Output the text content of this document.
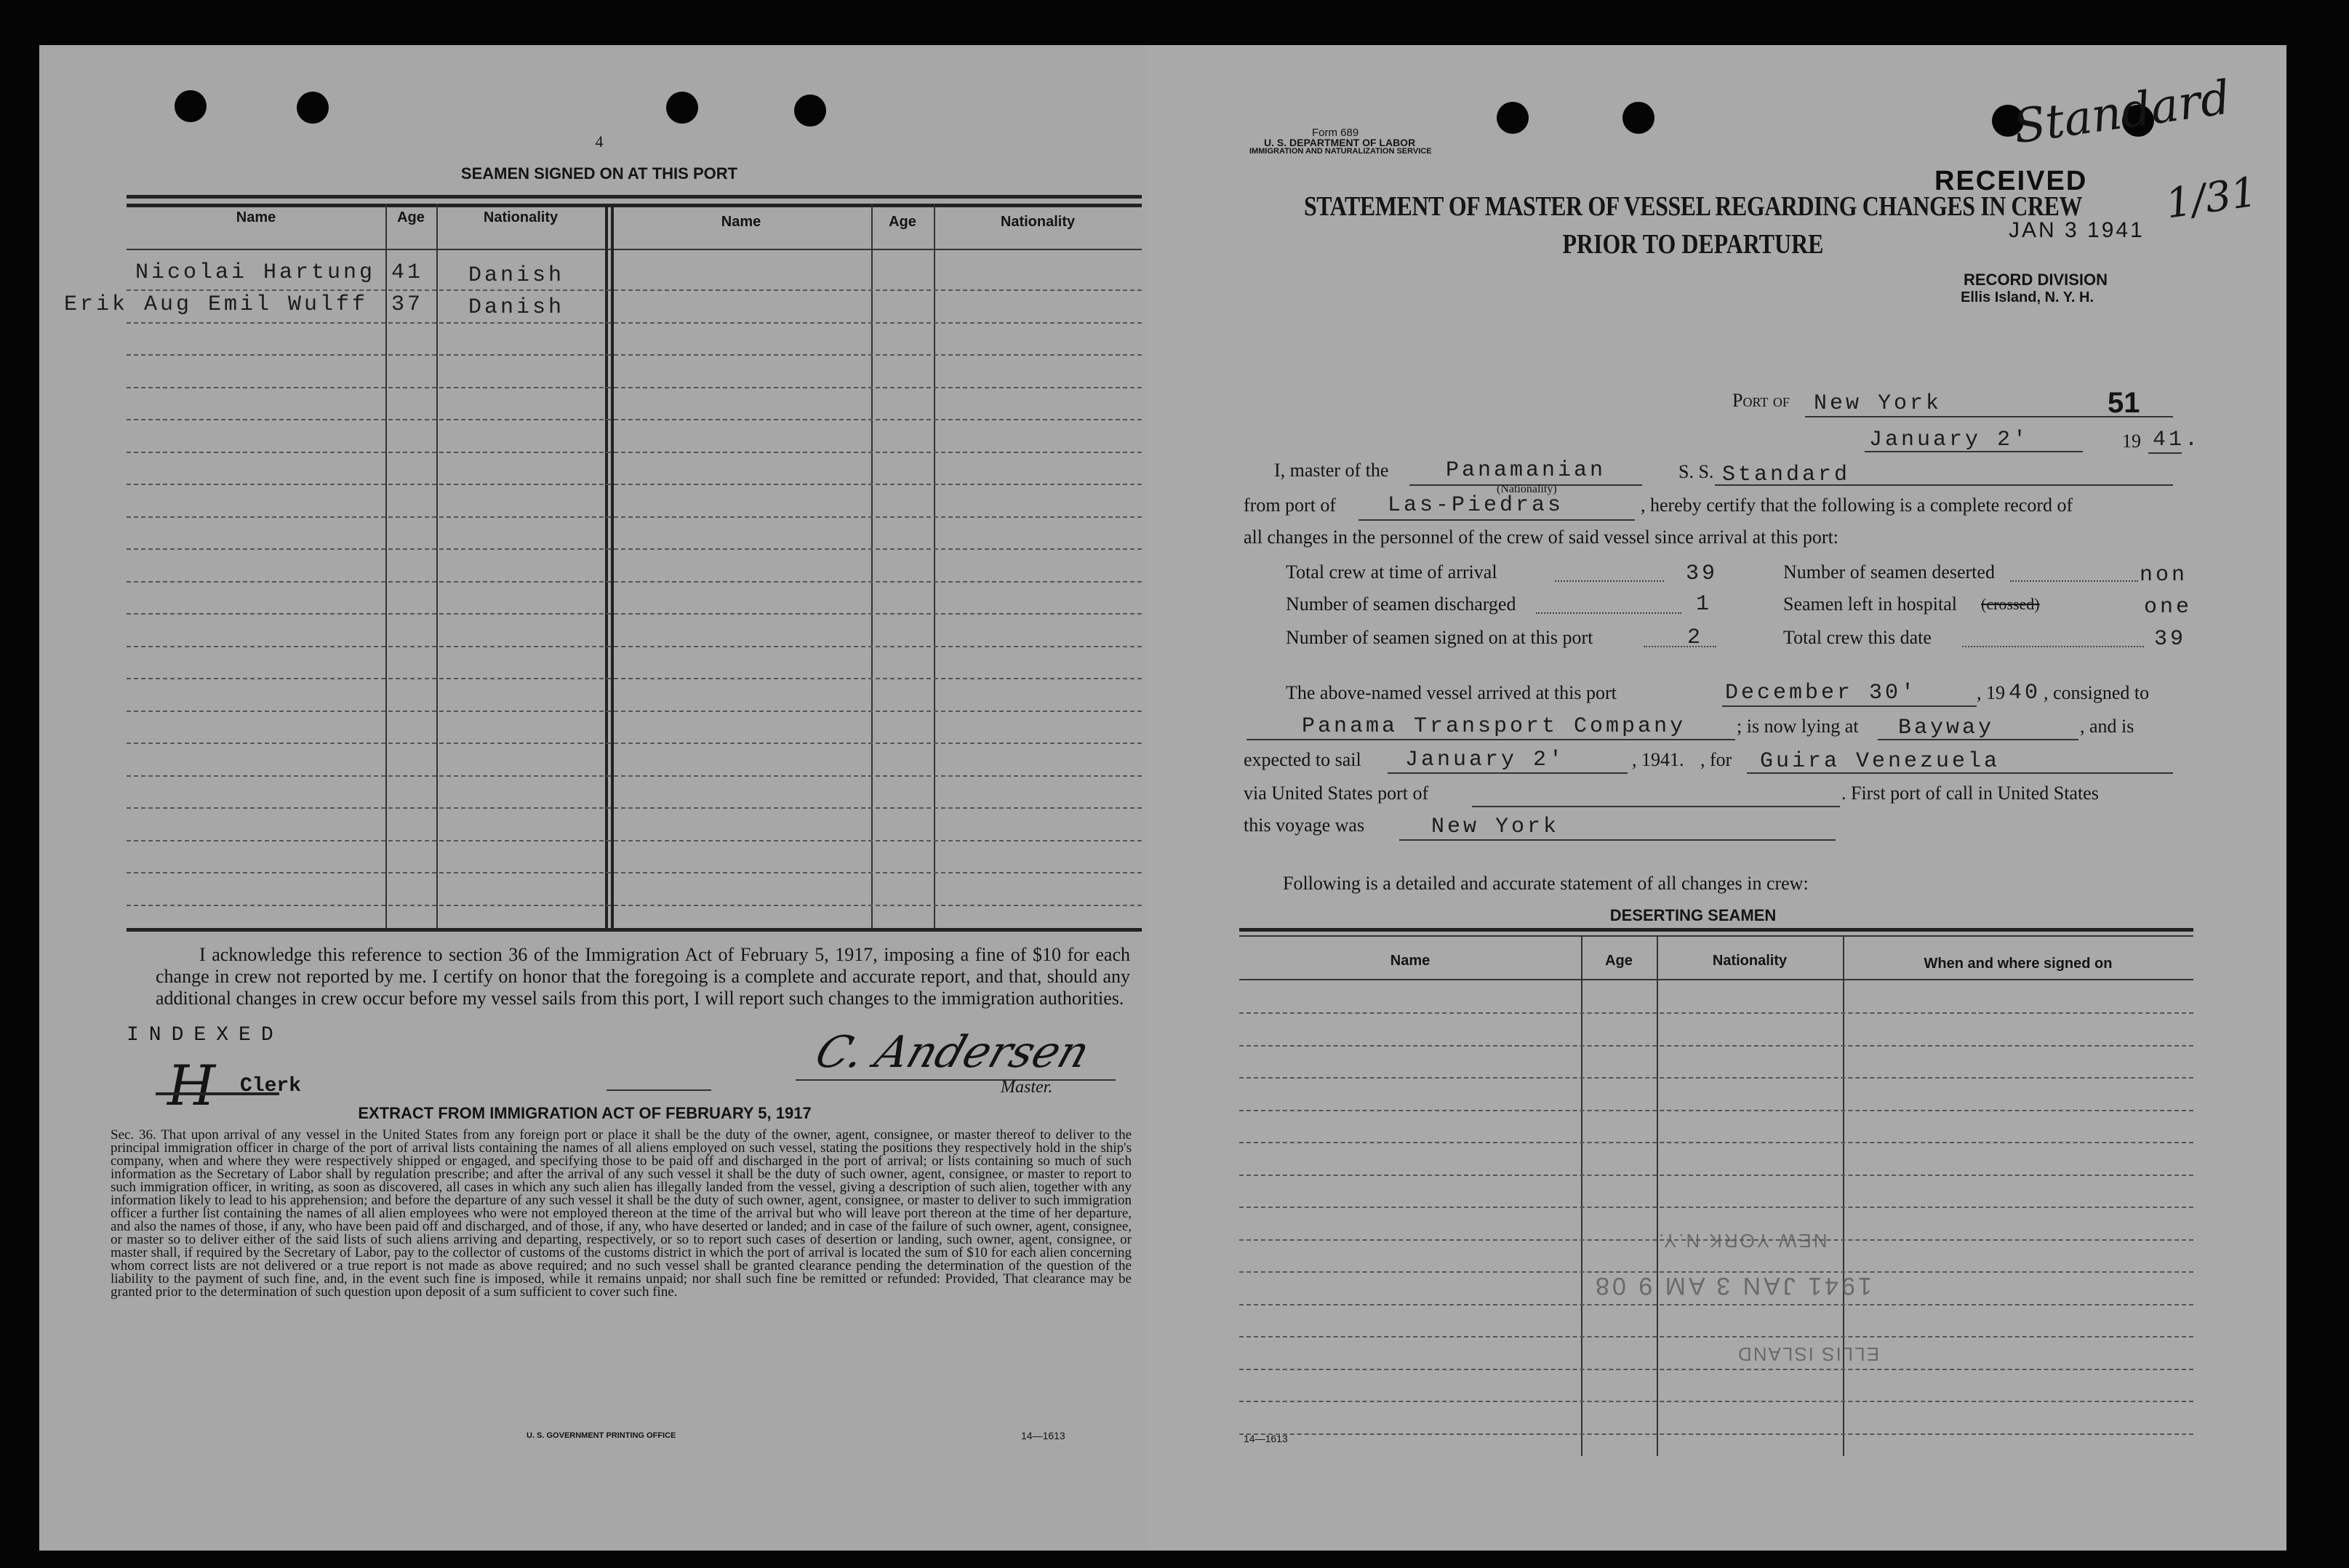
4
SEAMEN SIGNED ON AT THIS PORT
Name	Age	Nationality	Name	Age	Nationality
Nicolai Hartung 41 Danish
Erik Aug Emil Wulff 37 Danish
I acknowledge this reference to section 36 of the Immigration Act of February 5, 1917, imposing a fine of $10 for each change in crew not reported by me. I certify on honor that the foregoing is a complete and accurate report, and that, should any additional changes in crew occur before my vessel sails from this port, I will report such changes to the immigration authorities.
INDEXED
H Clerk
C. Andersen
Master.
EXTRACT FROM IMMIGRATION ACT OF FEBRUARY 5, 1917
Sec. 36. That upon arrival of any vessel in the United States from any foreign port or place it shall be the duty of the owner, agent, consignee, or master thereof to deliver to the principal immigration officer in charge of the port of arrival lists containing the names of all aliens employed on such vessel, stating the positions they respectively hold in the ship's company, when and where they were respectively shipped or engaged, and specifying those to be paid off and discharged in the port of arrival; or lists containing so much of such information as the Secretary of Labor shall by regulation prescribe; and after the arrival of any such vessel it shall be the duty of such owner, agent, consignee, or master to report to such immigration officer, in writing, as soon as discovered, all cases in which any such alien has illegally landed from the vessel, giving a description of such alien, together with any information likely to lead to his apprehension; and before the departure of any such vessel it shall be the duty of such owner, agent, consignee, or master to deliver to such immigration officer a further list containing the names of all alien employees who were not employed thereon at the time of the arrival but who will leave port thereon at the time of her departure, and also the names of those, if any, who have been paid off and discharged, and of those, if any, who have deserted or landed; and in case of the failure of such owner, agent, consignee, or master so to deliver either of the said lists of such aliens arriving and departing, respectively, or so to report such cases of desertion or landing, such owner, agent, consignee, or master shall, if required by the Secretary of Labor, pay to the collector of customs of the customs district in which the port of arrival is located the sum of $10 for each alien concerning whom correct lists are not delivered or a true report is not made as above required; and no such vessel shall be granted clearance pending the determination of the question of the liability to the payment of such fine, and, in the event such fine is imposed, while it remains unpaid; nor shall such fine be remitted or refunded: Provided, That clearance may be granted prior to the determination of such question upon deposit of a sum sufficient to cover such fine.
U. S. GOVERNMENT PRINTING OFFICE	14—1613
Form 689
U. S. DEPARTMENT OF LABOR
IMMIGRATION AND NATURALIZATION SERVICE
STATEMENT OF MASTER OF VESSEL REGARDING CHANGES IN CREW
PRIOR TO DEPARTURE
RECEIVED
JAN 3 1941
RECORD DIVISION
Ellis Island, N. Y. H.
Standard
1/31
Port of New York	51
January 2'	19 41.
I, master of the	Panamanian
(Nationality)
S. S. Standard
from port of Las-Piedras	, hereby certify that the following is a complete record of
all changes in the personnel of the crew of said vessel since arrival at this port:
Total crew at time of arrival	39	Number of seamen deserted	non
Number of seamen discharged	1	Seamen left in hospital (crossed)	one
Number of seamen signed on at this port	2	Total crew this date	39
The above-named vessel arrived at this port	December 30'	, 19 40 , consigned to
Panama Transport Company	; is now lying at Bayway	, and is
expected to sail January 2'	, 1941. , for Guira Venezuela
via United States port of	. First port of call in United States
this voyage was	New York
Following is a detailed and accurate statement of all changes in crew:
DESERTING SEAMEN
Name	Age	Nationality	When and where signed on
NEW YORK N.Y.
1941 JAN 3 AM 9 08
ELLIS ISLAND
14—1613
